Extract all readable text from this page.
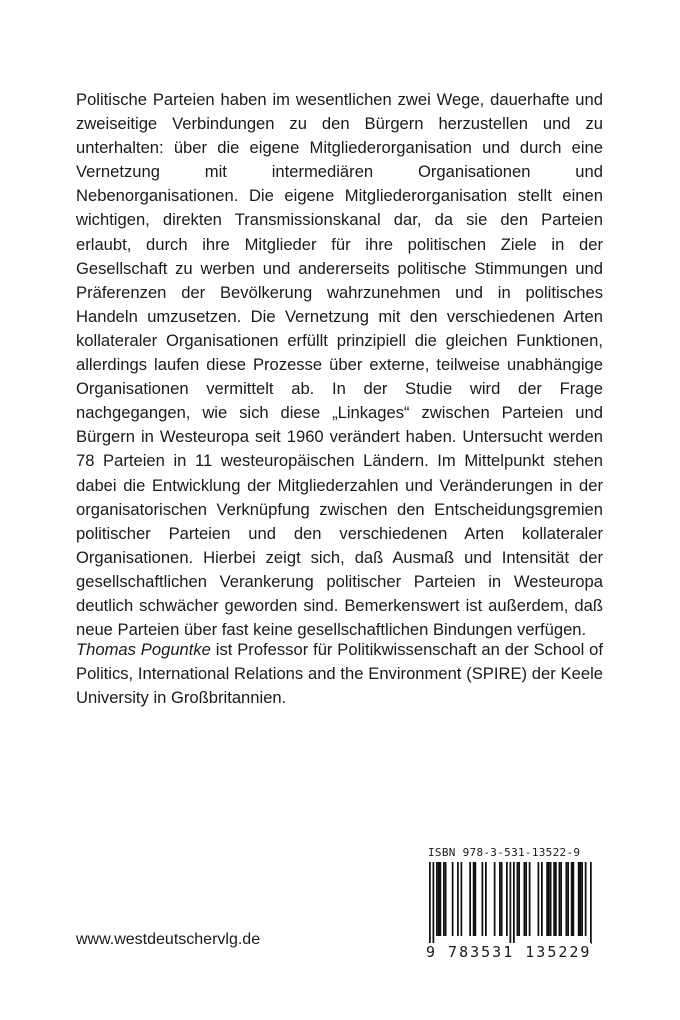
Politische Parteien haben im wesentlichen zwei Wege, dauerhafte und zweiseitige Verbindungen zu den Bürgern herzustellen und zu unterhalten: über die eigene Mitgliederorganisation und durch eine Vernetzung mit intermediären Organisationen und Nebenorganisationen. Die eigene Mitgliederorganisation stellt einen wichtigen, direkten Transmissionskanal dar, da sie den Parteien erlaubt, durch ihre Mitglieder für ihre politischen Ziele in der Gesellschaft zu werben und andererseits politische Stimmungen und Präferenzen der Bevölkerung wahrzunehmen und in politisches Handeln umzusetzen. Die Vernetzung mit den verschiedenen Arten kollateraler Organisationen erfüllt prinzipiell die gleichen Funktionen, allerdings laufen diese Prozesse über externe, teilweise unabhängige Organisationen vermittelt ab. In der Studie wird der Frage nachgegangen, wie sich diese „Linkages“ zwischen Parteien und Bürgern in Westeuropa seit 1960 verändert haben. Untersucht werden 78 Parteien in 11 westeuropäischen Ländern. Im Mittelpunkt stehen dabei die Entwicklung der Mitgliederzahlen und Veränderungen in der organisatorischen Verknüpfung zwischen den Entscheidungsgremien politischer Parteien und den verschiedenen Arten kollateraler Organisationen. Hierbei zeigt sich, daß Ausmaß und Intensität der gesellschaftlichen Verankerung politischer Parteien in Westeuropa deutlich schwächer geworden sind. Bemerkenswert ist außerdem, daß neue Parteien über fast keine gesellschaftlichen Bindungen verfügen.

Thomas Poguntke ist Professor für Politikwissenschaft an der School of Politics, International Relations and the Environment (SPIRE) der Keele University in Großbritannien.

www.westdeutschervlg.de

ISBN 978-3-531-13522-9

9 783531 135229
